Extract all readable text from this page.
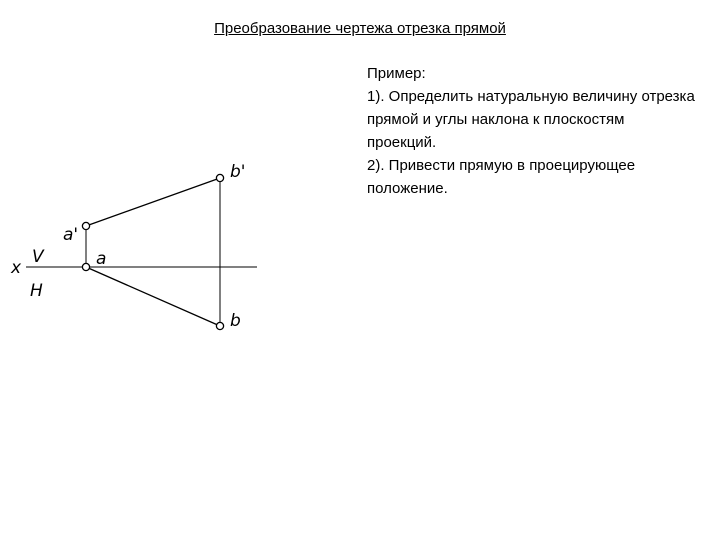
Преобразование чертежа отрезка прямой

Пример:

1). Определить натуральную величину отрезка прямой и углы наклона к плоскостям проекций.

2). Привести прямую в проецирующее положение.

x
V
H
a'
b'
a
b
